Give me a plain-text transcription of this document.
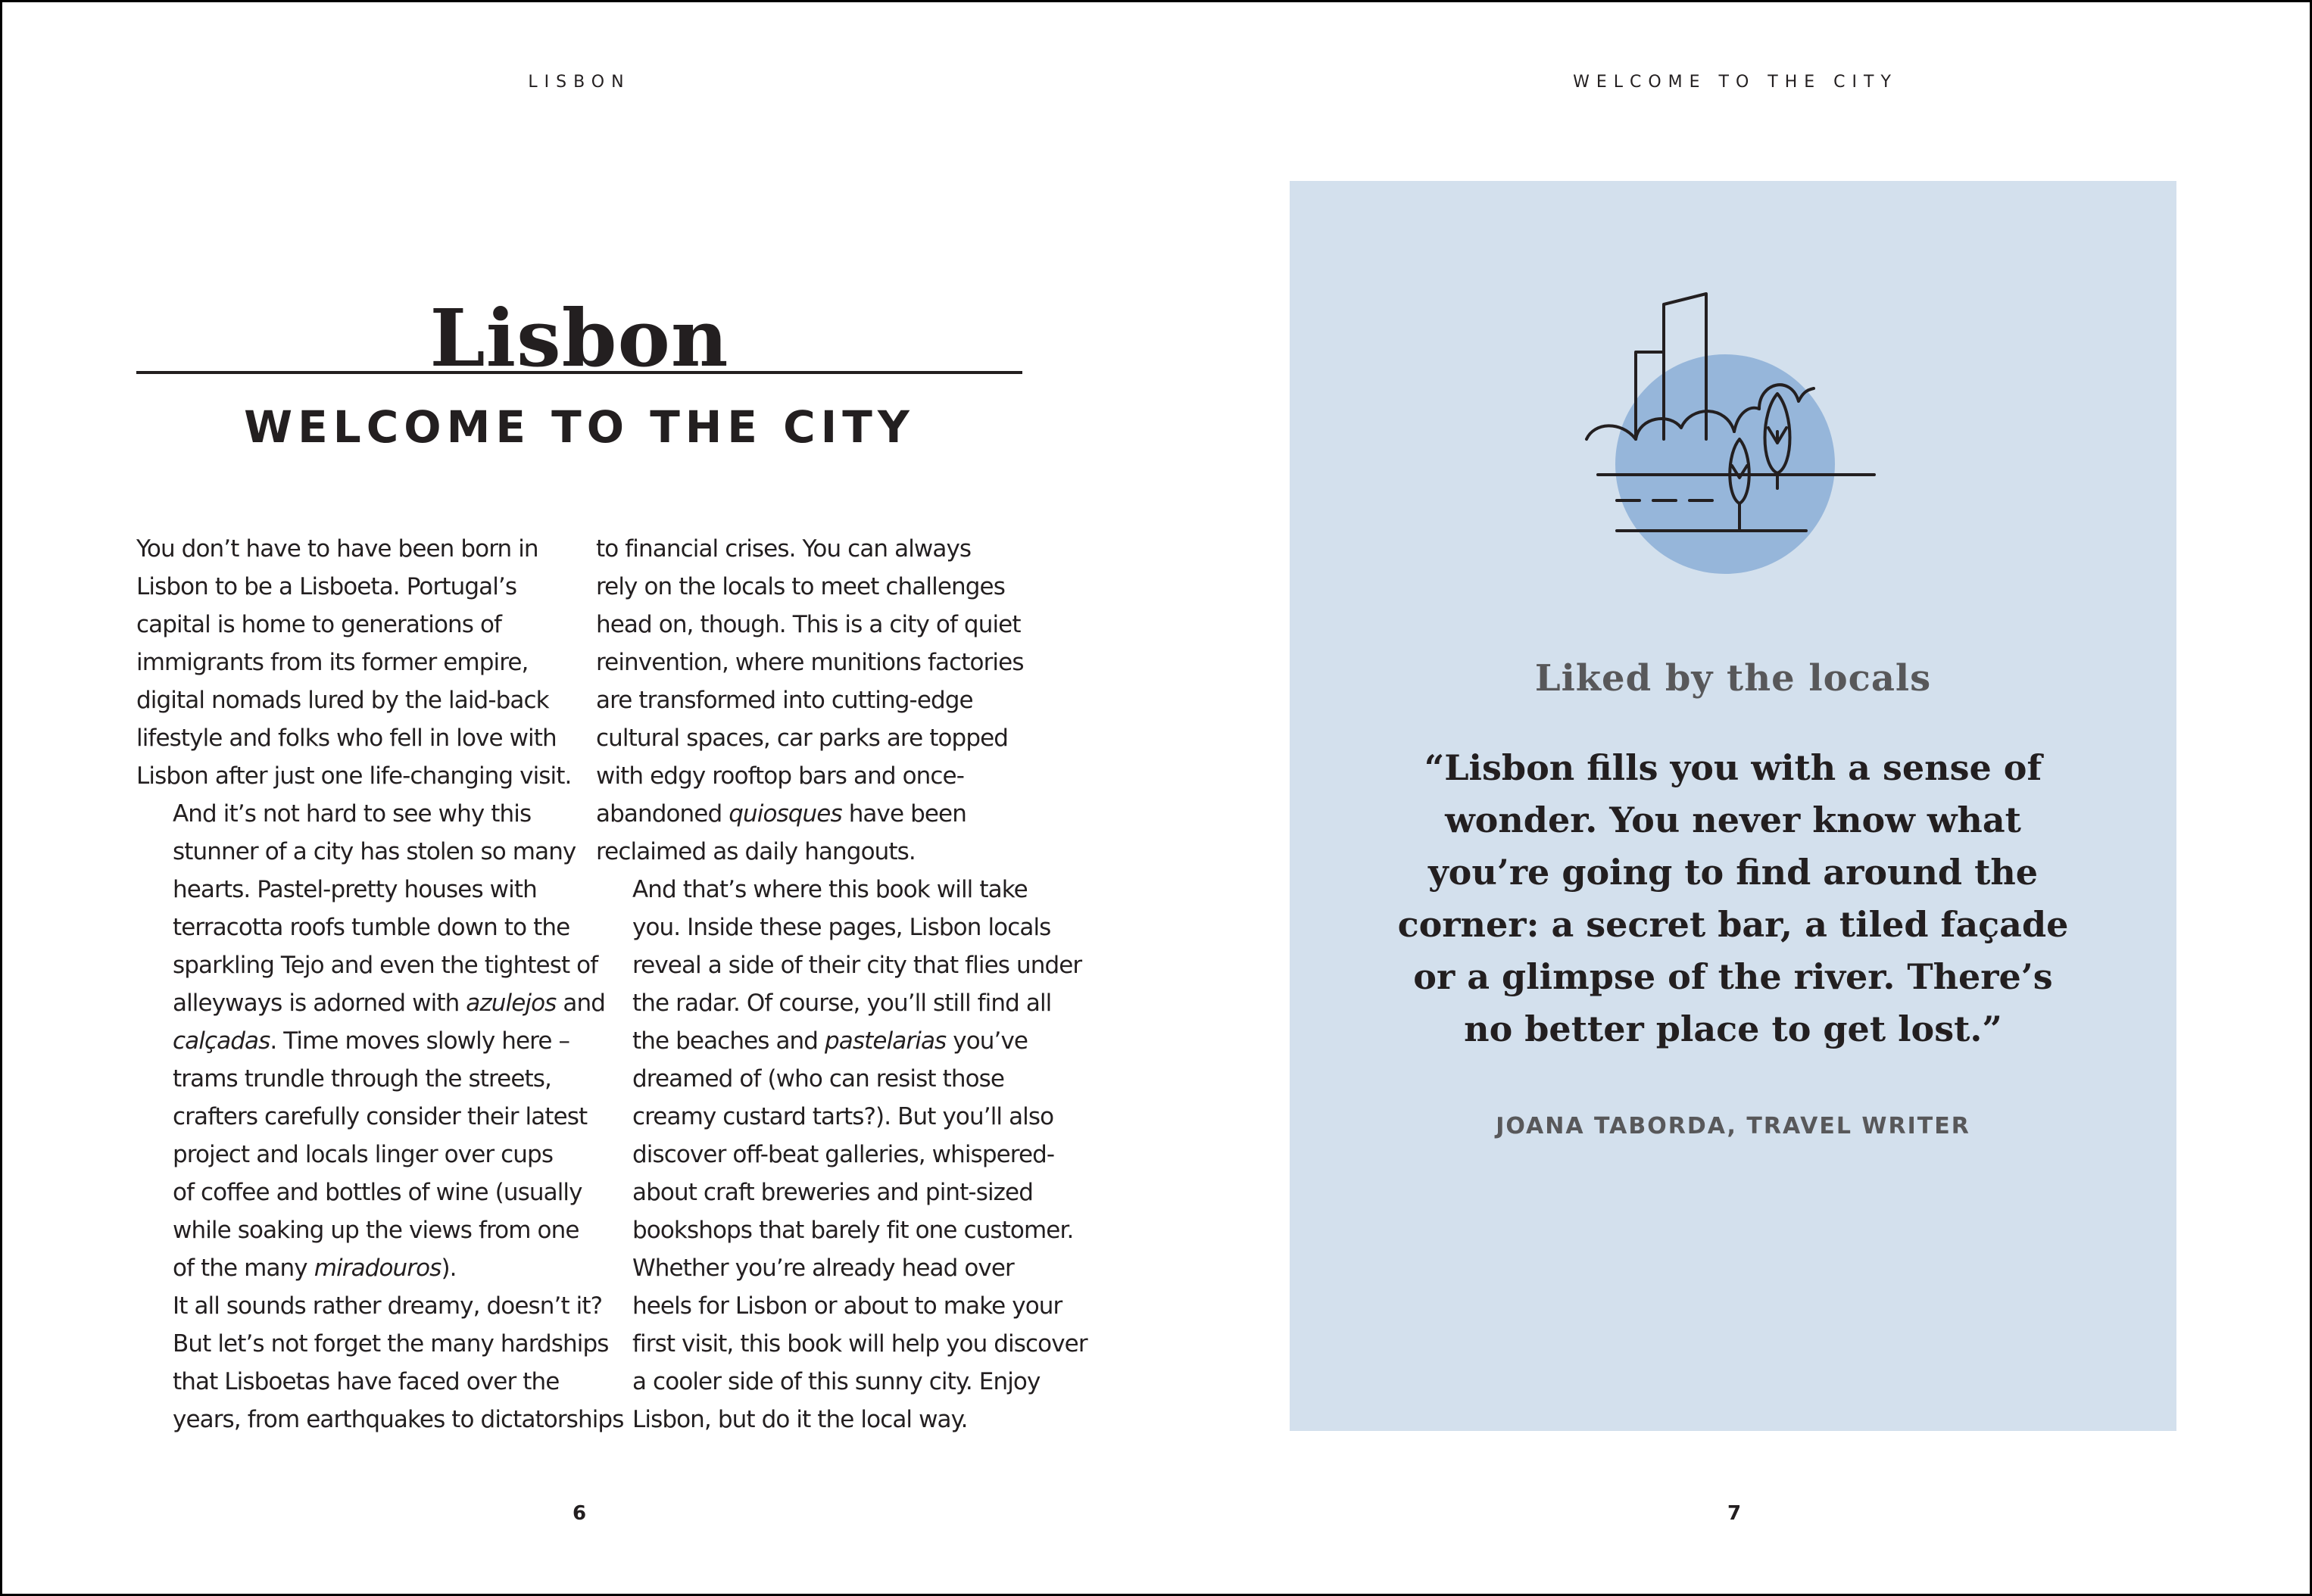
LISBON
Lisbon
WELCOME TO THE CITY

You don’t have to have been born in
Lisbon to be a Lisboeta. Portugal’s
capital is home to generations of
immigrants from its former empire,
digital nomads lured by the laid-back
lifestyle and folks who fell in love with
Lisbon after just one life-changing visit.

And it’s not hard to see why this
stunner of a city has stolen so many
hearts. Pastel-pretty houses with
terracotta roofs tumble down to the
sparkling Tejo and even the tightest of
alleyways is adorned with azulejos and
calçadas. Time moves slowly here –
trams trundle through the streets,
crafters carefully consider their latest
project and locals linger over cups
of coffee and bottles of wine (usually
while soaking up the views from one
of the many miradouros).

It all sounds rather dreamy, doesn’t it?
But let’s not forget the many hardships
that Lisboetas have faced over the
years, from earthquakes to dictatorships

to financial crises. You can always
rely on the locals to meet challenges
head on, though. This is a city of quiet
reinvention, where munitions factories
are transformed into cutting-edge
cultural spaces, car parks are topped
with edgy rooftop bars and once-
abandoned quiosques have been
reclaimed as daily hangouts.

And that’s where this book will take
you. Inside these pages, Lisbon locals
reveal a side of their city that flies under
the radar. Of course, you’ll still find all
the beaches and pastelarias you’ve
dreamed of (who can resist those
creamy custard tarts?). But you’ll also
discover off-beat galleries, whispered-
about craft breweries and pint-sized
bookshops that barely fit one customer.

Whether you’re already head over
heels for Lisbon or about to make your
first visit, this book will help you discover
a cooler side of this sunny city. Enjoy
Lisbon, but do it the local way.

6
WELCOME TO THE CITY
Liked by the locals
“Lisbon fills you with a sense of
wonder. You never know what
you’re going to find around the
corner: a secret bar, a tiled façade
or a glimpse of the river. There’s
no better place to get lost.”
JOANA TABORDA, TRAVEL WRITER
7
